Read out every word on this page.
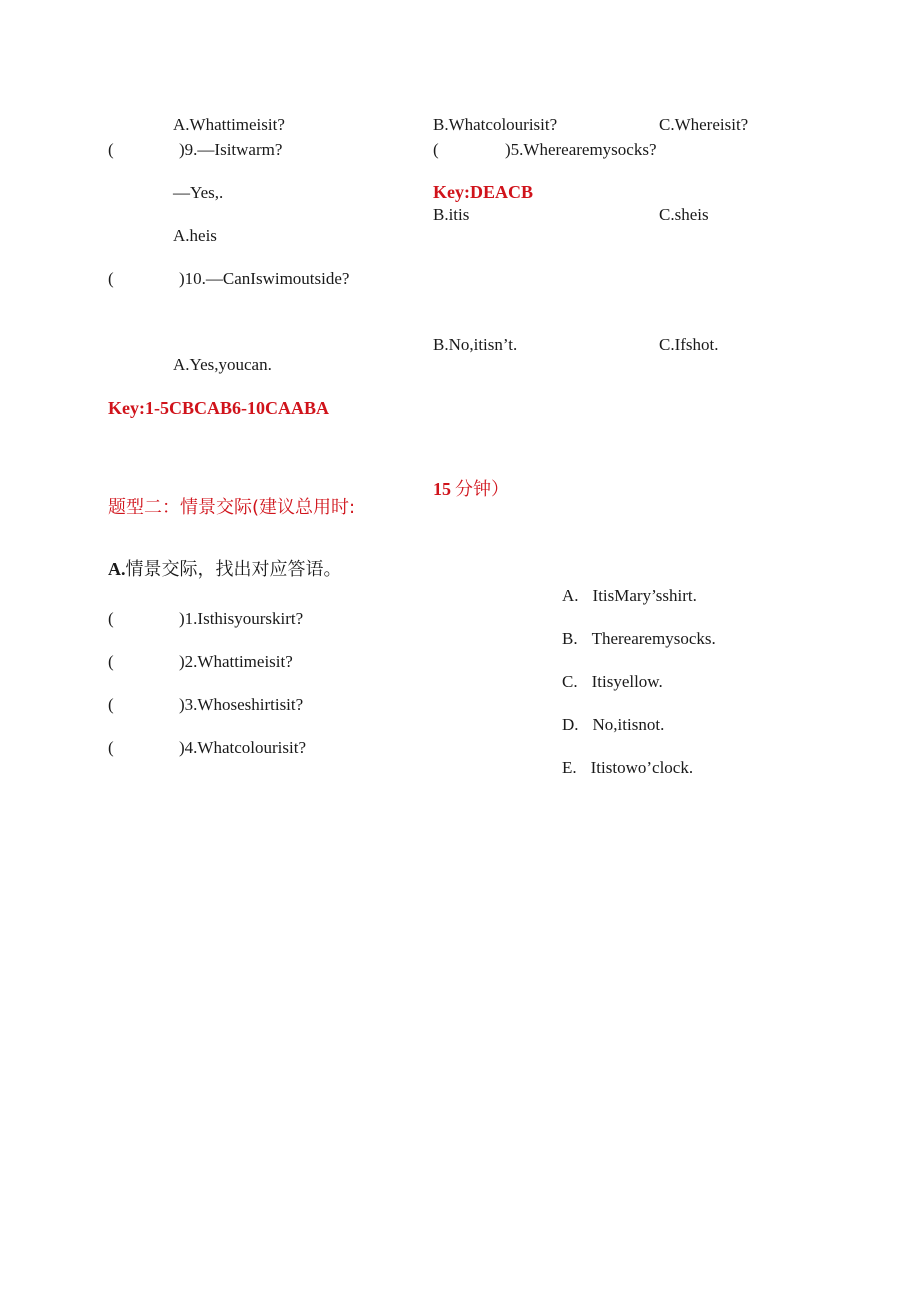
A.Whattimeisit?	B.Whatcolourisit?	C.Whereisit?
(	)9.—Isitwarm?	(	)5.Wherearemysocks?
—Yes,.	Key:DEACB
B.itis	C.sheis
A.heis
(	)10.—CanIswimoutside?
B.No,itisn’t.	C.Ifshot.
A.Yes,youcan.
Key:1-5CBCAB6-10CAABA
题型二：情景交际(建议总用时:
15 分钟）
A.情景交际，找出对应答语。
(	)1.Isthisyourskirt?
(	)2.Whattimeisit?
(	)3.Whoseshirtisit?
(	)4.Whatcolourisit?
A. ItisMary’sshirt.
B. Therearemysocks.
C. Itisyellow.
D. No,itisnot.
E. Itistowo’clock.
